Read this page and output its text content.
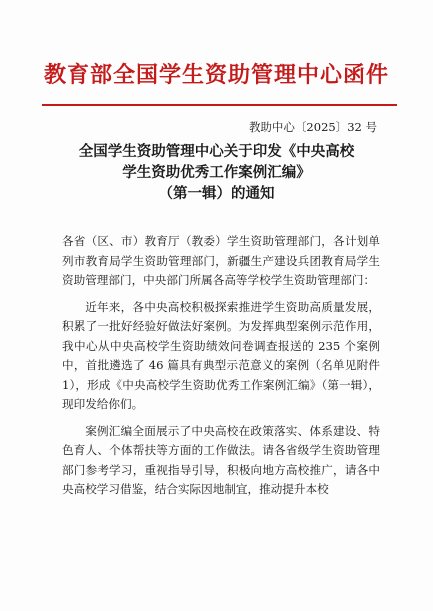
教育部全国学生资助管理中心函件
教助中心〔2025〕32 号
全国学生资助管理中心关于印发《中央高校
学生资助优秀工作案例汇编》
（第一辑）的通知

各省（区、市）教育厅（教委）学生资助管理部门，各计划单列市教育局学生资助管理部门，新疆生产建设兵团教育局学生资助管理部门，中央部门所属各高等学校学生资助管理部门：

近年来，各中央高校积极探索推进学生资助高质量发展，积累了一批好经验好做法好案例。为发挥典型案例示范作用，我中心从中央高校学生资助绩效问卷调查报送的 235 个案例中，首批遴选了 46 篇具有典型示范意义的案例（名单见附件 1），形成《中央高校学生资助优秀工作案例汇编》（第一辑），现印发给你们。

案例汇编全面展示了中央高校在政策落实、体系建设、特色育人、个体帮扶等方面的工作做法。请各省级学生资助管理部门参考学习，重视指导引导，积极向地方高校推广，请各中央高校学习借鉴，结合实际因地制宜，推动提升本校
